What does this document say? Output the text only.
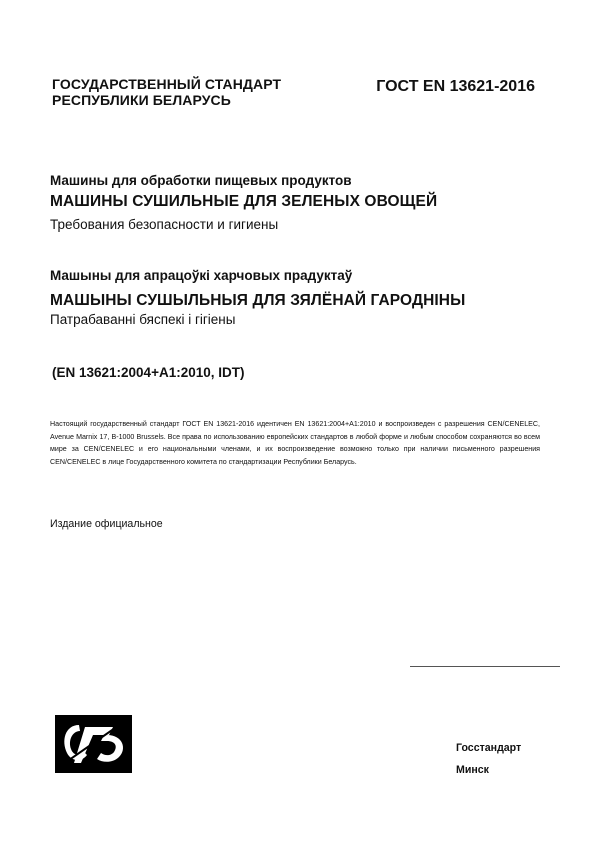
ГОСУДАРСТВЕННЫЙ СТАНДАРТ
РЕСПУБЛИКИ БЕЛАРУСЬ
ГОСТ EN 13621-2016
Машины для обработки пищевых продуктов
МАШИНЫ СУШИЛЬНЫЕ ДЛЯ ЗЕЛЕНЫХ ОВОЩЕЙ
Требования безопасности и гигиены
Машыны для апрацоўкі харчовых прадуктаў
МАШЫНЫ СУШЫЛЬНЫЯ ДЛЯ ЗЯЛЁНАЙ ГАРОДНІНЫ
Патрабаванні бяспекі і гігіены
(EN 13621:2004+A1:2010, IDT)
Настоящий государственный стандарт ГОСТ EN 13621-2016 идентичен EN 13621:2004+A1:2010 и воспроизведен с разрешения CEN/CENELEC, Avenue Marnix 17, B-1000 Brussels. Все права по использованию европейских стандартов в любой форме и любым способом сохраняются во всем мире за CEN/CENELEC и его национальными членами, и их воспроизведение возможно только при наличии письменного разрешения CEN/CENELEC в лице Государственного комитета по стандартизации Республики Беларусь.
Издание официальное
Госстандарт
Минск
